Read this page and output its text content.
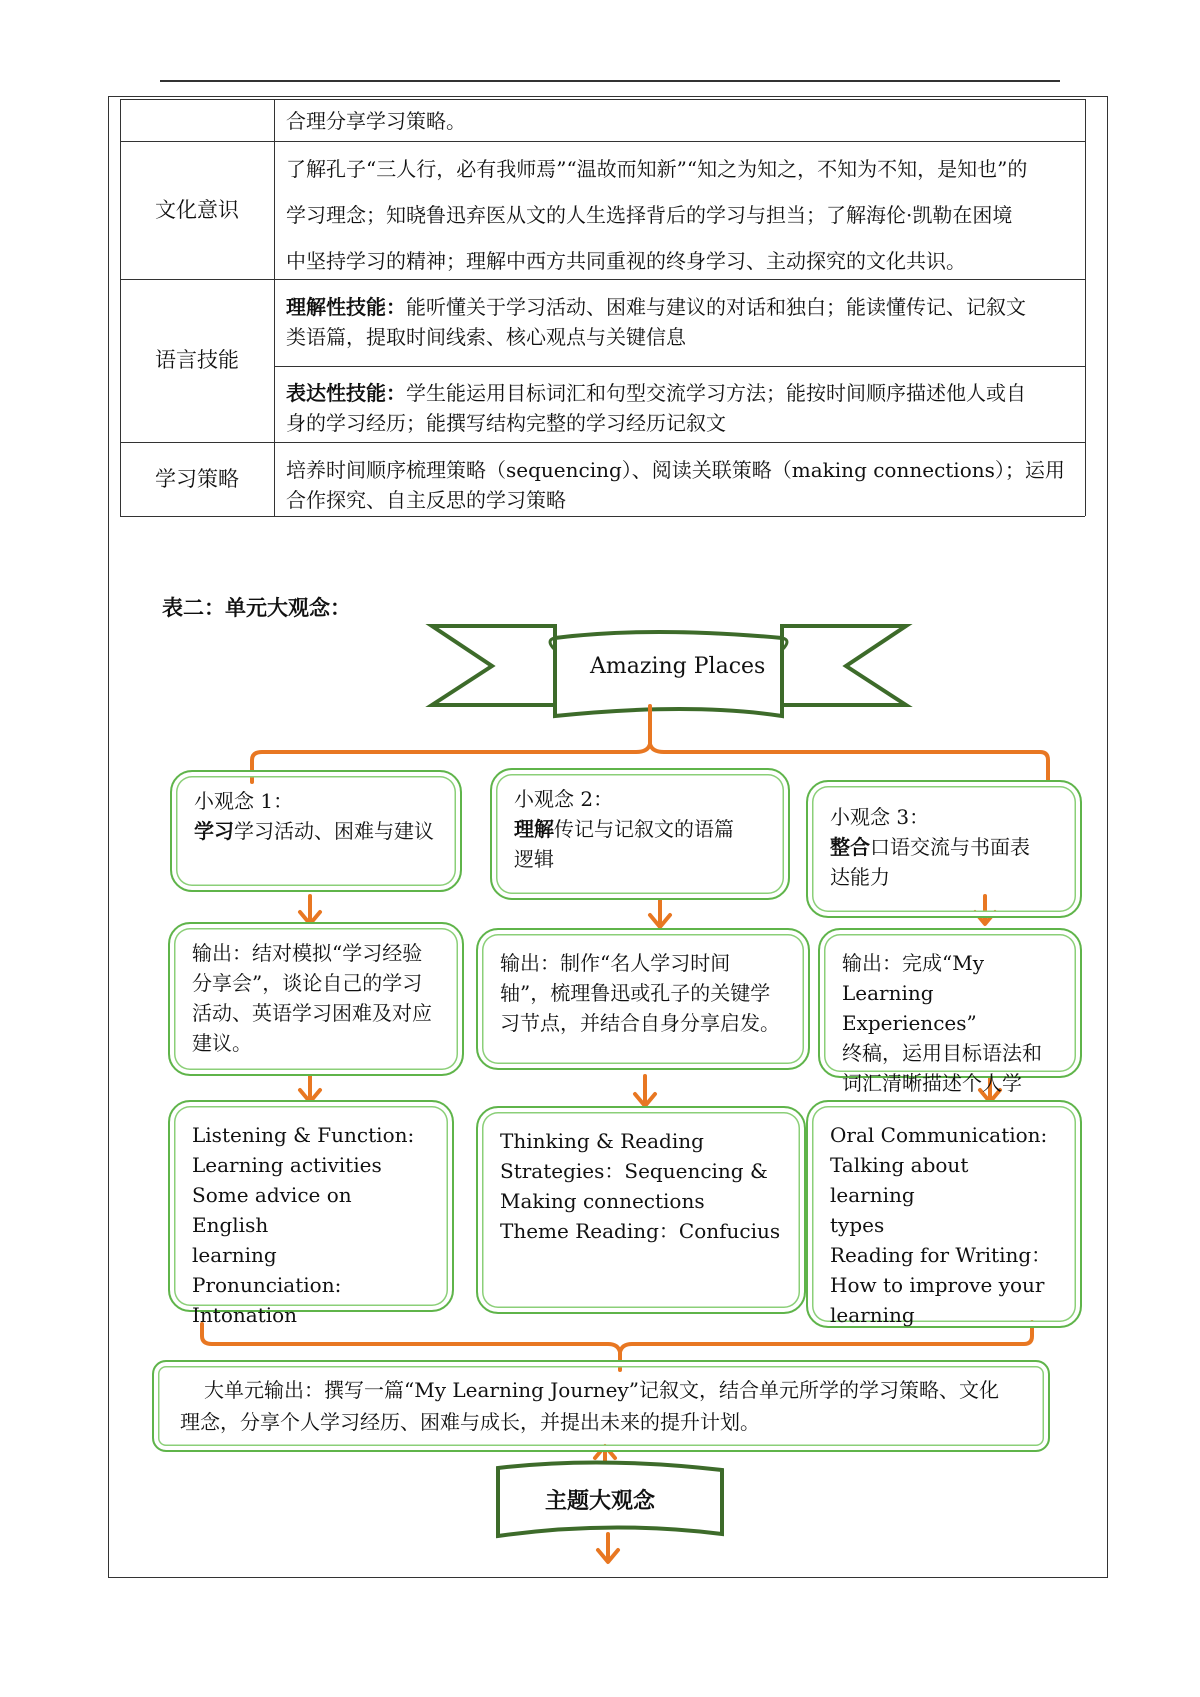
合理分享学习策略。
文化意识
了解孔子“三人行，必有我师焉”“温故而知新”“知之为知之，不知为不知，是知也”的
学习理念；知晓鲁迅弃医从文的人生选择背后的学习与担当；了解海伦·凯勒在困境
中坚持学习的精神；理解中西方共同重视的终身学习、主动探究的文化共识。
语言技能
理解性技能：能听懂关于学习活动、困难与建议的对话和独白；能读懂传记、记叙文
类语篇，提取时间线索、核心观点与关键信息
表达性技能：学生能运用目标词汇和句型交流学习方法；能按时间顺序描述他人或自
身的学习经历；能撰写结构完整的学习经历记叙文
学习策略	培养时间顺序梳理策略（sequencing）、阅读关联策略（making connections）；运用
合作探究、自主反思的学习策略
表二：单元大观念：
Amazing Places
小观念 1：
学习学习活动、困难与建议
输出：结对模拟“学习经验
分享会”，谈论自己的学习
活动、英语学习困难及对应
建议。
Listening & Function:
Learning activities
Some advice on English
learning
Pronunciation: Intonation
小观念 2：
理解传记与记叙文的语篇
逻辑
输出：制作“名人学习时间
轴”，梳理鲁迅或孔子的关键学
习节点，并结合自身分享启发。
Thinking & Reading
Strategies：Sequencing &
Making connections
Theme Reading：Confucius
小观念 3：
整合口语交流与书面表
达能力
输出：完成“My
Learning Experiences”
终稿，运用目标语法和
词汇清晰描述个人学
Oral Communication:
Talking about learning
types
Reading for Writing：
How to improve your
learning
大单元输出：撰写一篇“My Learning Journey”记叙文，结合单元所学的学习策略、文化
理念，分享个人学习经历、困难与成长，并提出未来的提升计划。
主题大观念
